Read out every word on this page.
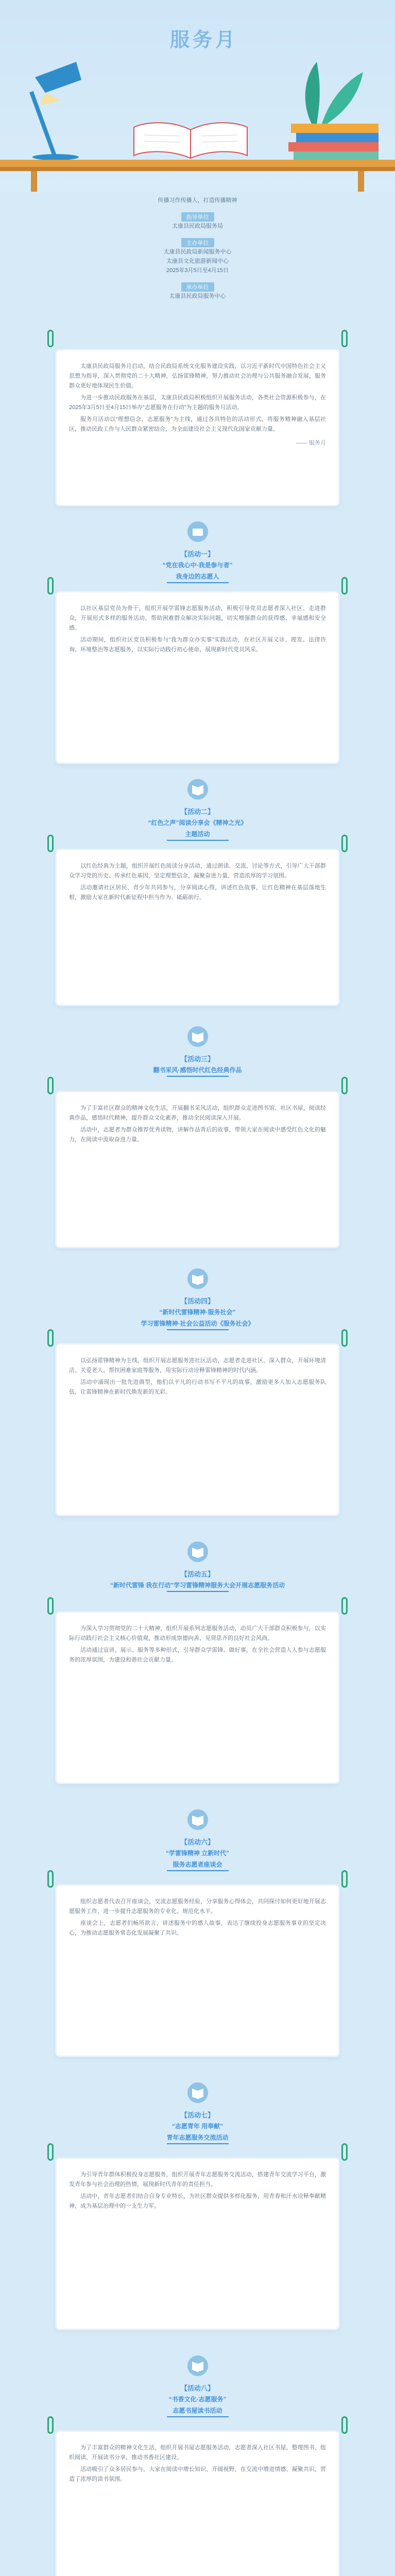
服务月
传播习作传播人，打造传播精神
指导单位
太康县民政局服务局
主办单位
太康县民政局新闻服务中心
太康县文化旅游新闻中心
2025年3月5日至4月15日
承办单位
太康县民政局服务中心

太康县民政局服务月启动，结合民政局系统文化服务建设实践，以习近平新时代中国特色社会主义思想为指导，深入贯彻党的二十大精神，弘扬雷锋精神，努力推动社会治理与公共服务融合发展，服务群众更好地体现民生价值。

为进一步推动民政服务在基层，太康县民政局积极组织开展服务活动，各类社会资源积极参与，在2025年3月5日至4月15日举办“志愿服务在行动”为主题的服务月活动。

服务月活动以“理想信念，志愿服务”为主线，通过各具特色的活动形式，将服务精神融入基层社区，推动民政工作与人民群众紧密结合，为全面建设社会主义现代化国家贡献力量。

—— 服务月
【活动一】
“党在我心中·我是参与者”
我身边的志愿人

以社区基层党员为骨干，组织开展学雷锋志愿服务活动，积极引导党员志愿者深入社区、走进群众，开展形式多样的服务活动，帮助困难群众解决实际问题，切实增强群众的获得感、幸福感和安全感。

活动期间，组织社区党员积极参与“我为群众办实事”实践活动，在社区开展义诊、理发、法律咨询、环境整治等志愿服务，以实际行动践行初心使命，展现新时代党员风采。

【活动二】
“红色之声”阅读分享会《精神之光》
主题活动

以红色经典为主题，组织开展红色阅读分享活动，通过朗读、交流、讨论等方式，引导广大干部群众学习党的历史、传承红色基因，坚定理想信念，凝聚奋进力量，营造浓厚的学习氛围。

活动邀请社区居民、青少年共同参与，分享阅读心得，讲述红色故事，让红色精神在基层落地生根，激励大家在新时代新征程中担当作为、砥砺前行。

【活动三】
翻书采风·感悟时代红色经典作品

为了丰富社区群众的精神文化生活，开展翻书采风活动，组织群众走进图书馆、社区书屋，阅读经典作品，感悟时代精神，提升群众文化素养，推动全民阅读深入开展。

活动中，志愿者为群众推荐优秀读物，讲解作品背后的故事，带领大家在阅读中感受红色文化的魅力，在阅读中汲取奋进力量。

【活动四】
“新时代雷锋精神·服务社会”
学习雷锋精神·社会公益活动《服务社会》

以弘扬雷锋精神为主线，组织开展志愿服务进社区活动，志愿者走进社区、深入群众，开展环境清洁、关爱老人、帮扶困难家庭等服务，用实际行动诠释雷锋精神的时代内涵。

活动中涌现出一批先进典型，他们以平凡的行动书写不平凡的故事，激励更多人加入志愿服务队伍，让雷锋精神在新时代焕发新的光彩。

【活动五】
“新时代雷锋 我在行动”学习雷锋精神服务大会开展志愿服务活动

为深入学习贯彻党的二十大精神，组织开展系列志愿服务活动，动员广大干部群众积极参与，以实际行动践行社会主义核心价值观，推动形成崇德向善、见贤思齐的良好社会风尚。

活动通过宣讲、展示、服务等多种形式，引导群众学雷锋、做好事，在全社会营造人人参与志愿服务的浓厚氛围，为建设和谐社会贡献力量。

【活动六】
“学雷锋精神 立新时代”
服务志愿者座谈会

组织志愿者代表召开座谈会，交流志愿服务经验，分享服务心得体会，共同探讨如何更好地开展志愿服务工作，进一步提升志愿服务的专业化、规范化水平。

座谈会上，志愿者们畅所欲言，讲述服务中的感人故事，表达了继续投身志愿服务事业的坚定决心，为推动志愿服务常态化发展凝聚了共识。

【活动七】
“志愿青年 用奉献”
青年志愿服务交流活动

为引导青年群体积极投身志愿服务，组织开展青年志愿服务交流活动，搭建青年交流学习平台，激发青年参与社会治理的热情，展现新时代青年的责任担当。

活动中，青年志愿者们结合自身专业特长，为社区群众提供多样化服务，用青春和汗水诠释奉献精神，成为基层治理中的一支生力军。

【活动八】
“书香文化·志愿服务”
志愿书屋读书活动

为了丰富群众的精神文化生活，组织开展书屋志愿服务活动，志愿者深入社区书屋，整理图书、组织阅读、开展读书分享，推动书香社区建设。

活动吸引了众多居民参与，大家在阅读中增长知识、开阔视野，在交流中增进情感、凝聚共识，营造了浓厚的读书氛围。
